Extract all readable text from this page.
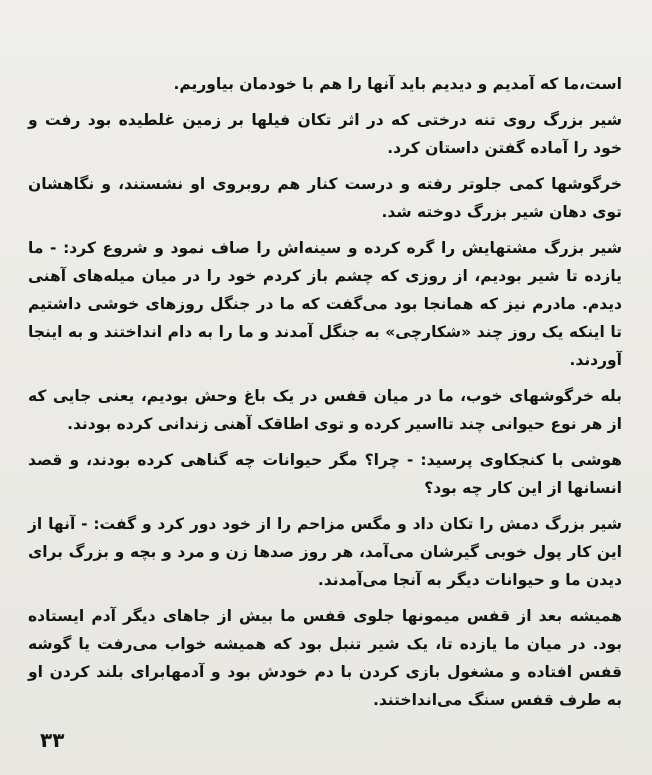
است،ما که آمدیم و دیدیم باید آنها را هم با خودمان بیاوریم.

شیر بزرگ روی تنه درختی که در اثر تکان فیلها بر زمین غلطیده بود رفت و خود را آماده گفتن داستان کرد.

خرگوشها کمی جلوتر رفته و درست کنار هم روبروی او نشستند، و نگاهشان توی دهان شیر بزرگ دوخته شد.

شیر بزرگ مشتهایش را گره کرده و سینه‌اش را صاف نمود و شروع کرد: - ما یازده تا شیر بودیم، از روزی که چشم باز کردم خود را در میان میله‌های آهنی دیدم. مادرم نیز که همانجا بود می‌گفت که ما در جنگل روزهای خوشی داشتیم تا اینکه یک روز چند «شکارچی» به جنگل آمدند و ما را به دام انداختند و به اینجا آوردند.

بله خرگوشهای خوب، ما در میان قفس در یک باغ وحش بودیم، یعنی جایی که از هر نوع حیوانی چند تااسیر کرده و توی اطاقک آهنی زندانی کرده بودند.

هوشی با کنجکاوی پرسید: - چرا؟ مگر حیوانات چه گناهی کرده بودند، و قصد انسانها از این کار چه بود؟

شیر بزرگ دمش را تکان داد و مگس مزاحم را از خود دور کرد و گفت: - آنها از این کار پول خوبی گیرشان می‌آمد، هر روز صدها زن و مرد و بچه و بزرگ برای دیدن ما و حیوانات دیگر به آنجا می‌آمدند.

همیشه بعد از قفس میمونها جلوی قفس ما بیش از جاهای دیگر آدم ایستاده بود. در میان ما یازده تا، یک شیر تنبل بود که همیشه خواب می‌رفت یا گوشه قفس افتاده و مشغول بازی کردن با دم خودش بود و آدمهابرای بلند کردن او به طرف قفس سنگ می‌انداختند.

۳۳
